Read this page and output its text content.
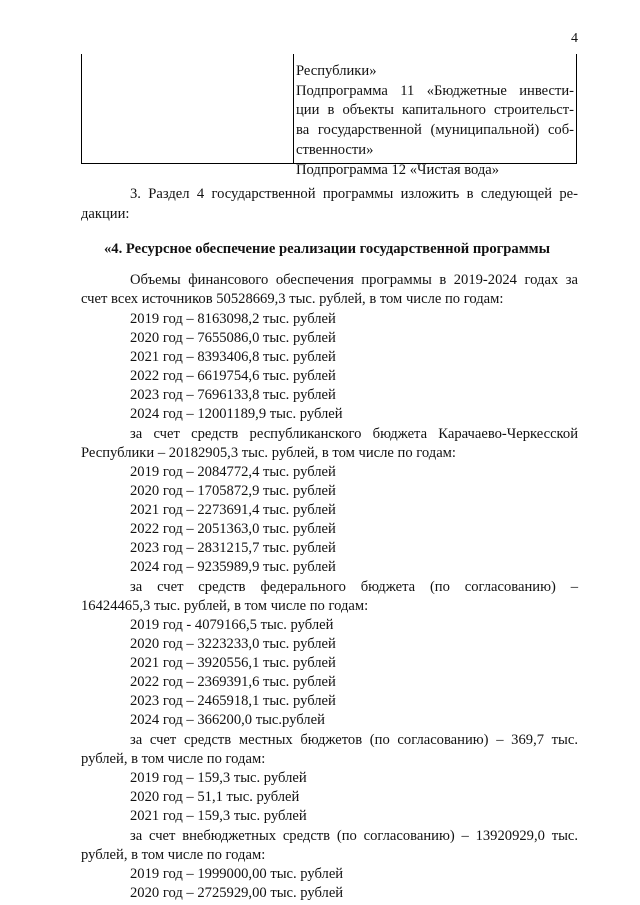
4
Республики»
Подпрограмма 11 «Бюджетные инвести-
ции в объекты капитального строительст-
ва государственной (муниципальной) соб-
ственности»
Подпрограмма 12 «Чистая вода»
3. Раздел 4 государственной программы изложить в следующей ре-
дакции:
«4. Ресурсное обеспечение реализации государственной программы
Объемы финансового обеспечения программы в 2019-2024 годах за
счет всех источников 50528669,3 тыс. рублей, в том числе по годам:
2019 год – 8163098,2 тыс. рублей
2020 год – 7655086,0 тыс. рублей
2021 год – 8393406,8 тыс. рублей
2022 год – 6619754,6 тыс. рублей
2023 год – 7696133,8 тыс. рублей
2024 год – 12001189,9 тыс. рублей
за счет средств республиканского бюджета Карачаево-Черкесской
Республики – 20182905,3 тыс. рублей, в том числе по годам:
2019 год – 2084772,4 тыс. рублей
2020 год – 1705872,9 тыс. рублей
2021 год – 2273691,4 тыс. рублей
2022 год – 2051363,0 тыс. рублей
2023 год – 2831215,7 тыс. рублей
2024 год – 9235989,9 тыс. рублей
за счет средств федерального бюджета (по согласованию) –
16424465,3 тыс. рублей, в том числе по годам:
2019 год - 4079166,5 тыс. рублей
2020 год – 3223233,0 тыс. рублей
2021 год – 3920556,1 тыс. рублей
2022 год – 2369391,6 тыс. рублей
2023 год – 2465918,1 тыс. рублей
2024 год – 366200,0 тыс.рублей
за счет средств местных бюджетов (по согласованию) – 369,7 тыс.
рублей, в том числе по годам:
2019 год – 159,3 тыс. рублей
2020 год – 51,1 тыс. рублей
2021 год – 159,3 тыс. рублей
за счет внебюджетных средств (по согласованию) – 13920929,0 тыс.
рублей, в том числе по годам:
2019 год – 1999000,00 тыс. рублей
2020 год – 2725929,00 тыс. рублей
